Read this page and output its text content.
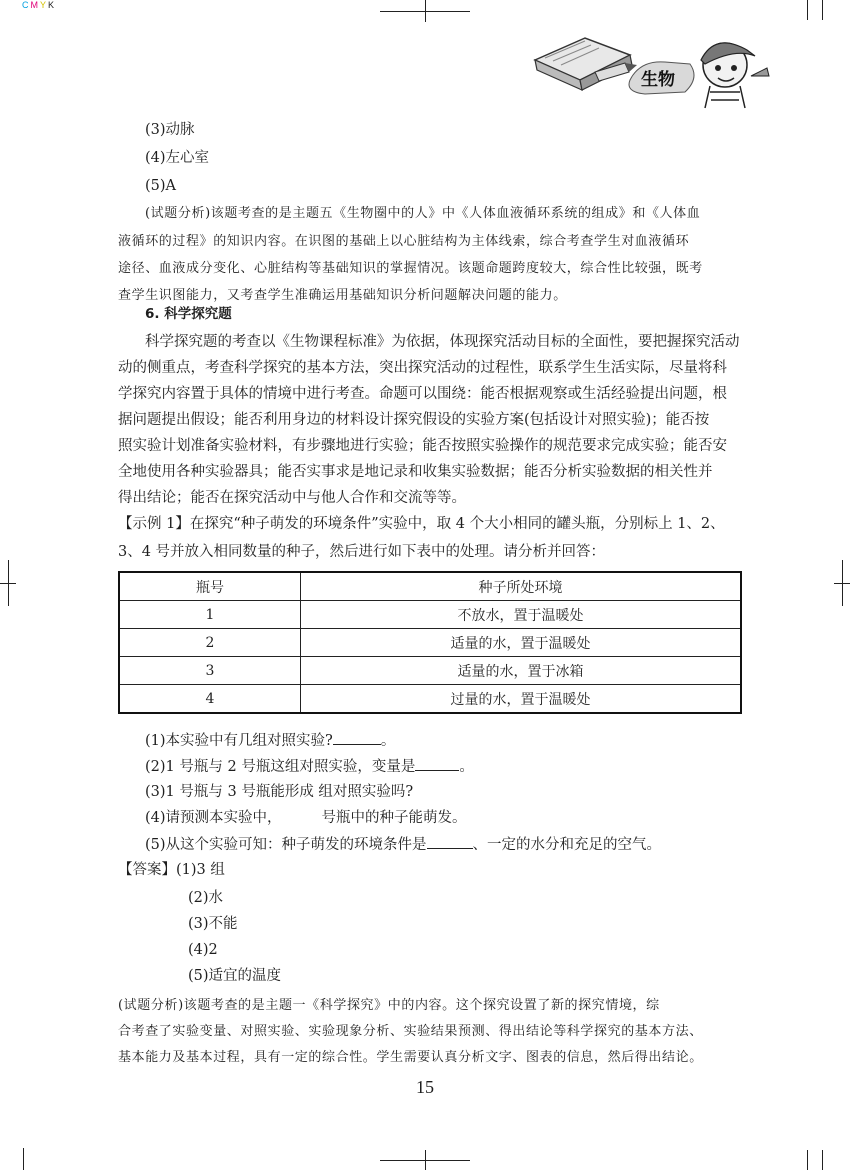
CMYK
生物
(3)动脉
(4)左心室
(5)A
(试题分析)该题考查的是主题五《生物圈中的人》中《人体血液循环系统的组成》和《人体血
液循环的过程》的知识内容。在识图的基础上以心脏结构为主体线索，综合考查学生对血液循环
途径、血液成分变化、心脏结构等基础知识的掌握情况。该题命题跨度较大，综合性比较强，既考
查学生识图能力，又考查学生准确运用基础知识分析问题解决问题的能力。
6. 科学探究题
科学探究题的考查以《生物课程标准》为依据，体现探究活动目标的全面性，要把握探究活动
动的侧重点，考查科学探究的基本方法，突出探究活动的过程性，联系学生生活实际，尽量将科
学探究内容置于具体的情境中进行考查。命题可以围绕：能否根据观察或生活经验提出问题，根
据问题提出假设；能否利用身边的材料设计探究假设的实验方案(包括设计对照实验)；能否按
照实验计划准备实验材料，有步骤地进行实验；能否按照实验操作的规范要求完成实验；能否安
全地使用各种实验器具；能否实事求是地记录和收集实验数据；能否分析实验数据的相关性并
得出结论；能否在探究活动中与他人合作和交流等等。
【示例 1】在探究“种子萌发的环境条件”实验中，取 4 个大小相同的罐头瓶，分别标上 1、2、
3、4 号并放入相同数量的种子，然后进行如下表中的处理。请分析并回答：
瓶号	种子所处环境
1	不放水，置于温暖处
2	适量的水，置于温暖处
3	适量的水，置于冰箱
4	过量的水，置于温暖处
(1)本实验中有几组对照实验?	。
(2)1 号瓶与 2 号瓶这组对照实验，变量是	。
(3)1 号瓶与 3 号瓶能形成 组对照实验吗?
(4)请预测本实验中，	号瓶中的种子能萌发。
(5)从这个实验可知：种子萌发的环境条件是	、一定的水分和充足的空气。
【答案】(1)3 组
(2)水
(3)不能
(4)2
(5)适宜的温度
(试题分析)该题考查的是主题一《科学探究》中的内容。这个探究设置了新的探究情境，综
合考查了实验变量、对照实验、实验现象分析、实验结果预测、得出结论等科学探究的基本方法、
基本能力及基本过程，具有一定的综合性。学生需要认真分析文字、图表的信息，然后得出结论。
15
